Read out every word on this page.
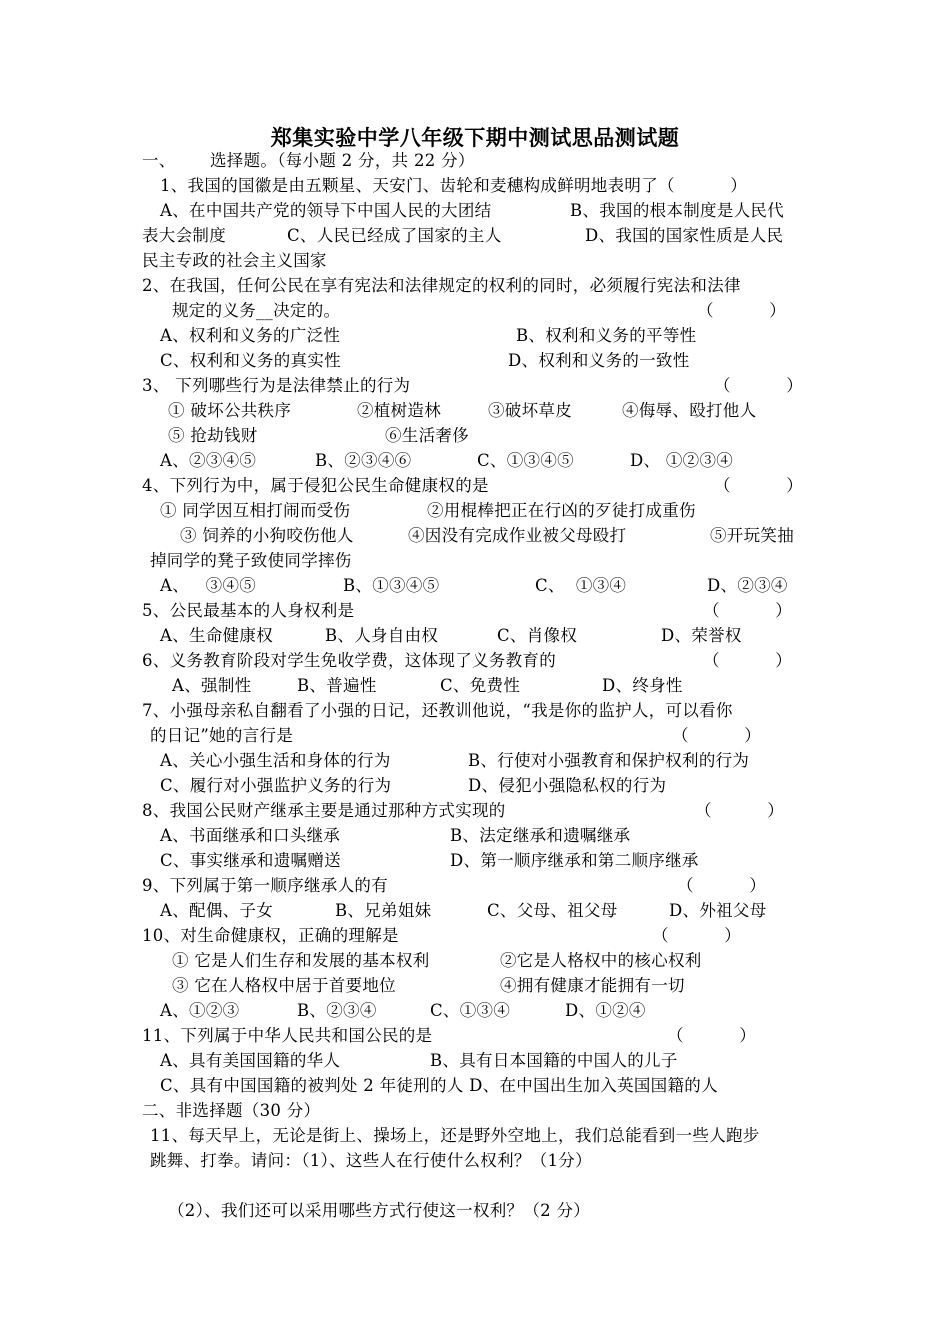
郑集实验中学八年级下期中测试思品测试题
一、 选择题。（每小题 2 分，共 22 分）
1、我国的国徽是由五颗星、天安门、齿轮和麦穗构成鲜明地表明了（          ）
A、在中国共产党的领导下中国人民的大团结	B、我国的根本制度是人民代
表大会制度	C、人民已经成了国家的主人	D、我国的国家性质是人民
民主专政的社会主义国家
2、在我国，任何公民在享有宪法和法律规定的权利的同时，必须履行宪法和法律
规定的义务__决定的。	（          ）
A、权利和义务的广泛性	B、权利和义务的平等性
C、权利和义务的真实性	D、权利和义务的一致性
3、 下列哪些行为是法律禁止的行为	（          ）
① 破坏公共秩序	②植树造林	③破坏草皮	④侮辱、殴打他人
⑤ 抢劫钱财	⑥生活奢侈
A、②③④⑤	B、②③④⑥	C、①③④⑤	D、 ①②③④
4、下列行为中，属于侵犯公民生命健康权的是	（          ）
① 同学因互相打闹而受伤	②用棍棒把正在行凶的歹徒打成重伤
③ 饲养的小狗咬伤他人	④因没有完成作业被父母殴打	⑤开玩笑抽
掉同学的凳子致使同学摔伤
A、   ③④⑤	B、①③④⑤	C、  ①③④	D、②③④
5、公民最基本的人身权利是	（          ）
A、生命健康权	B、人身自由权	C、肖像权	D、荣誉权
6、义务教育阶段对学生免收学费，这体现了义务教育的	（          ）
A、强制性	B、普遍性	C、免费性	D、终身性
7、小强母亲私自翻看了小强的日记，还教训他说，“我是你的监护人，可以看你
的日记”她的言行是	（          ）
A、关心小强生活和身体的行为	B、行使对小强教育和保护权利的行为
C、履行对小强监护义务的行为	D、侵犯小强隐私权的行为
8、我国公民财产继承主要是通过那种方式实现的	（          ）
A、书面继承和口头继承	B、法定继承和遗嘱继承
C、事实继承和遗嘱赠送	D、第一顺序继承和第二顺序继承
9、下列属于第一顺序继承人的有	（          ）
A、配偶、子女	B、兄弟姐妹	C、父母、祖父母	D、外祖父母
10、对生命健康权，正确的理解是	（          ）
① 它是人们生存和发展的基本权利	②它是人格权中的核心权利
③ 它在人格权中居于首要地位	④拥有健康才能拥有一切
A、①②③	B、②③④	C、①③④	D、①②④
11、下列属于中华人民共和国公民的是	（          ）
A、具有美国国籍的华人	B、具有日本国籍的中国人的儿子
C、具有中国国籍的被判处 2 年徒刑的人 D、在中国出生加入英国国籍的人
二、非选择题（30 分）
11、每天早上，无论是街上、操场上，还是野外空地上，我们总能看到一些人跑步
跳舞、打拳。请问：（1）、这些人在行使什么权利？（1分）
（2）、我们还可以采用哪些方式行使这一权利？（2 分）
